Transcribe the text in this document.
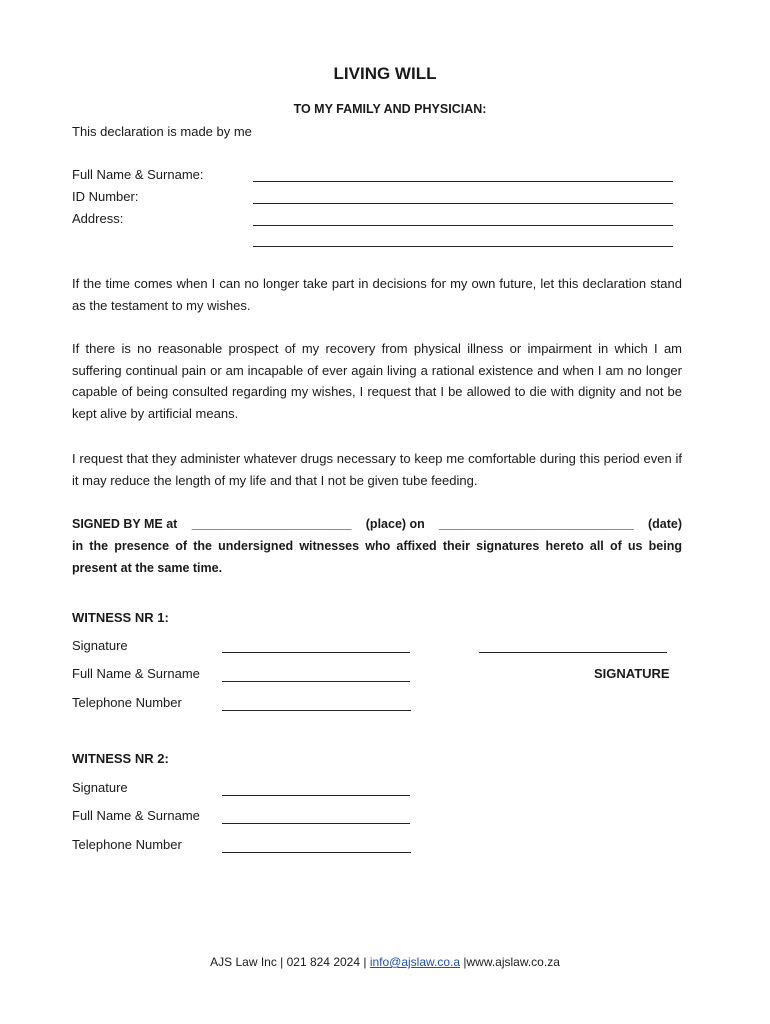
LIVING WILL
TO MY FAMILY AND PHYSICIAN:
This declaration is made by me
Full Name & Surname:
ID Number:
Address:
If the time comes when I can no longer take part in decisions for my own future, let this declaration stand as the testament to my wishes.
If there is no reasonable prospect of my recovery from physical illness or impairment in which I am suffering continual pain or am incapable of ever again living a rational existence and when I am no longer capable of being consulted regarding my wishes, I request that I be allowed to die with dignity and not be kept alive by artificial means.
I request that they administer whatever drugs necessary to keep me comfortable during this period even if it may reduce the length of my life and that I not be given tube feeding.
SIGNED BY ME at _______________________ (place) on ____________________________ (date)
in the presence of the undersigned witnesses who affixed their signatures hereto all of us being present at the same time.
WITNESS NR 1:
Signature
Full Name & Surname	SIGNATURE
Telephone Number
WITNESS NR 2:
Signature
Full Name & Surname
Telephone Number
AJS Law Inc | 021 824 2024 | info@ajslaw.co.a |www.ajslaw.co.za
